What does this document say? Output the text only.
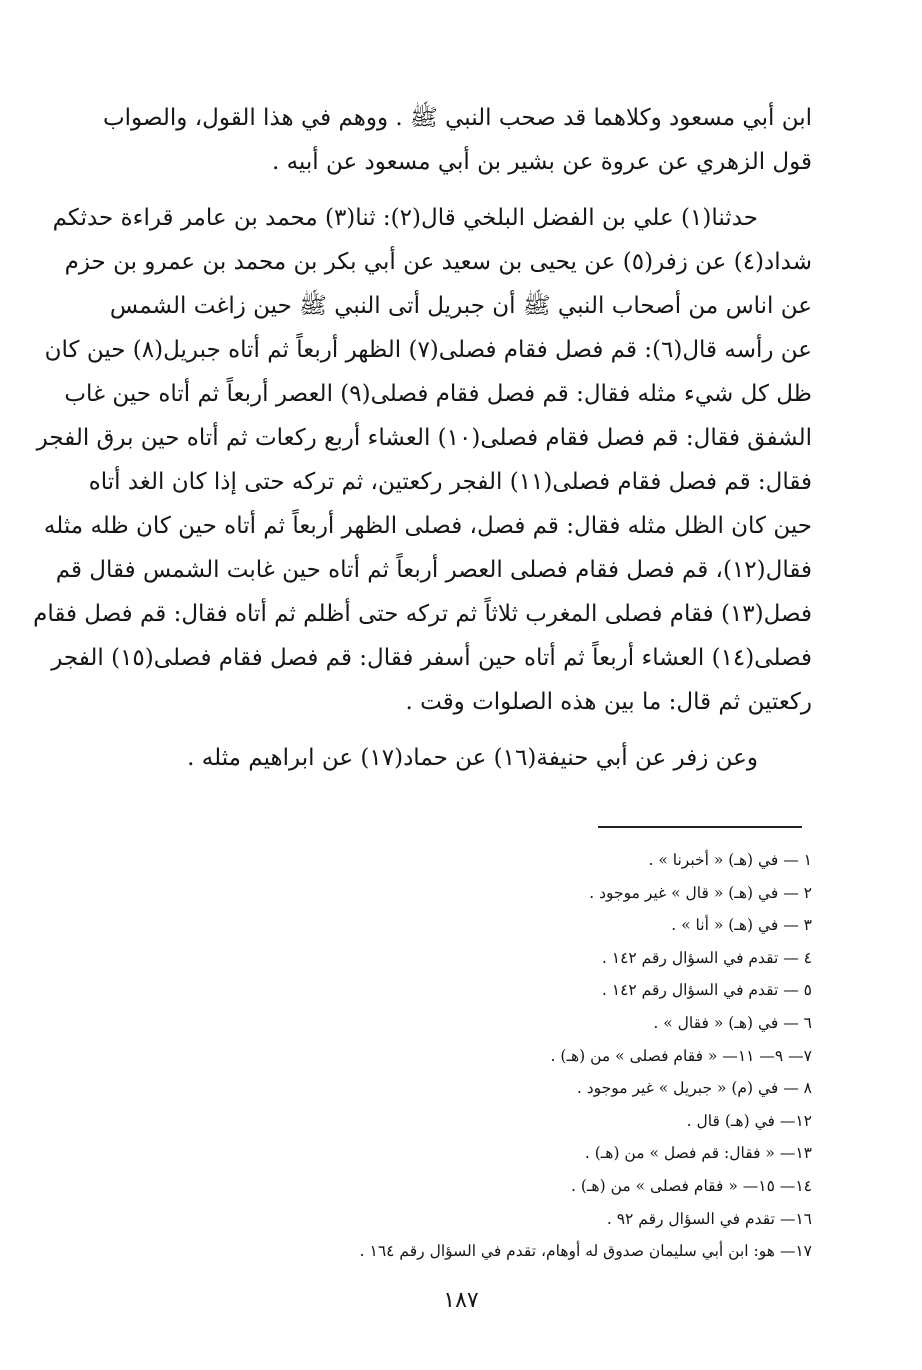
ابن أبي مسعود وكلاهما قد صحب النبي ﷺ . ووهم في هذا القول، والصواب
قول الزهري عن عروة عن بشير بن أبي مسعود عن أبيه .
حدثنا(١) علي بن الفضل البلخي قال(٢): ثنا(٣) محمد بن عامر قراءة حدثكم
شداد(٤) عن زفر(٥) عن يحيى بن سعيد عن أبي بكر بن محمد بن عمرو بن حزم
عن اناس من أصحاب النبي ﷺ أن جبريل أتى النبي ﷺ حين زاغت الشمس
عن رأسه قال(٦): قم فصل فقام فصلى(٧) الظهر أربعاً ثم أتاه جبريل(٨) حين كان
ظل كل شيء مثله فقال: قم فصل فقام فصلى(٩) العصر أربعاً ثم أتاه حين غاب
الشفق فقال: قم فصل فقام فصلى(١٠) العشاء أربع ركعات ثم أتاه حين برق الفجر
فقال: قم فصل فقام فصلى(١١) الفجر ركعتين، ثم تركه حتى إذا كان الغد أتاه
حين كان الظل مثله فقال: قم فصل، فصلى الظهر أربعاً ثم أتاه حين كان ظله مثله
فقال(١٢)، قم فصل فقام فصلى العصر أربعاً ثم أتاه حين غابت الشمس فقال قم
فصل(١٣) فقام فصلى المغرب ثلاثاً ثم تركه حتى أظلم ثم أتاه فقال: قم فصل فقام
فصلى(١٤) العشاء أربعاً ثم أتاه حين أسفر فقال: قم فصل فقام فصلى(١٥) الفجر
ركعتين ثم قال: ما بين هذه الصلوات وقت .
وعن زفر عن أبي حنيفة(١٦) عن حماد(١٧) عن ابراهيم مثله .
١ — في (هـ) « أخبرنا » .
٢ — في (هـ) « قال » غير موجود .
٣ — في (هـ) « أنا » .
٤ — تقدم في السؤال رقم ١٤٢ .
٥ — تقدم في السؤال رقم ١٤٢ .
٦ — في (هـ) « فقال » .
٧— ٩— ١١— « فقام فصلى » من (هـ) .
٨ — في (م) « جبريل » غير موجود .
١٢— في (هـ) قال .
١٣— « فقال: قم فصل » من (هـ) .
١٤— ١٥— « فقام فصلى » من (هـ) .
١٦— تقدم في السؤال رقم ٩٢ .
١٧— هو: ابن أبي سليمان صدوق له أوهام، تقدم في السؤال رقم ١٦٤ .
١٨٧
